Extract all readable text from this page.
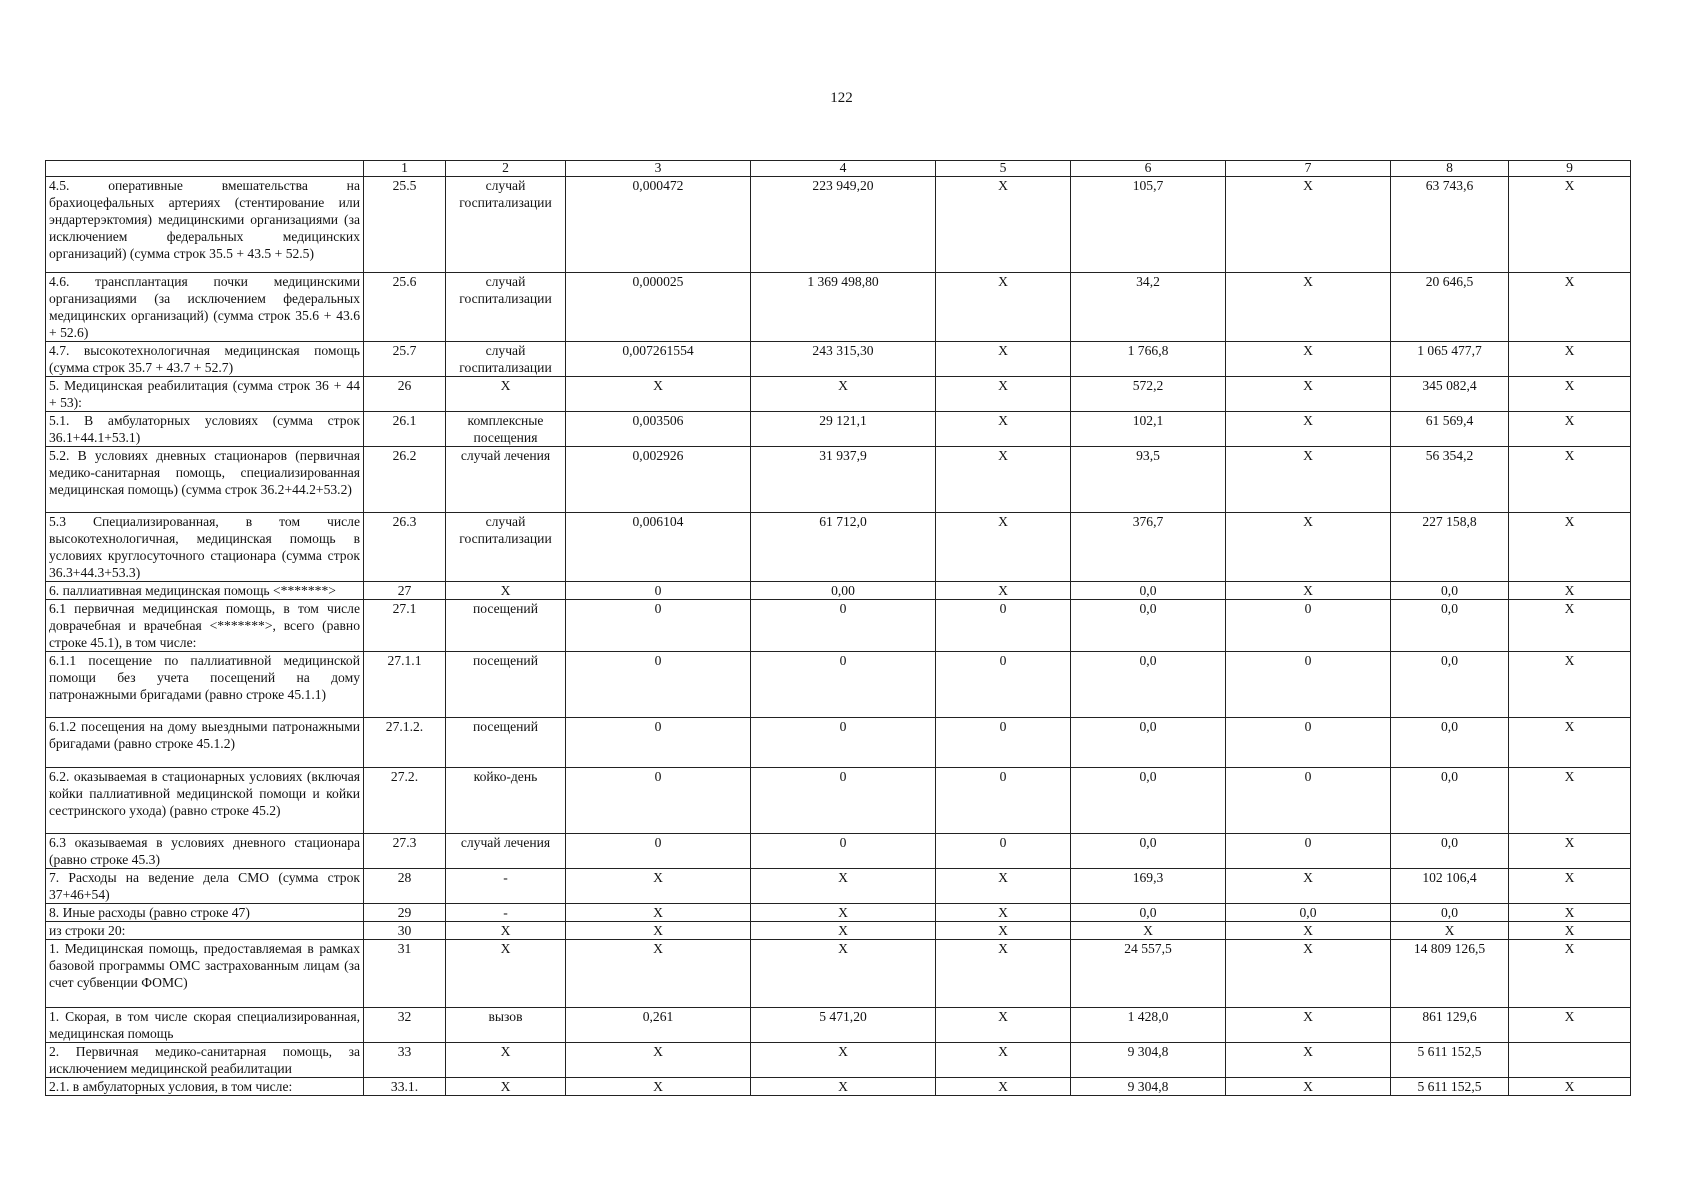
122
	1	2	3	4	5	6	7	8	9
4.5. оперативные вмешательства на брахиоцефальных артериях (стентирование или эндартерэктомия) медицинскими организациями (за исключением федеральных медицинских организаций) (сумма строк 35.5 + 43.5 + 52.5)	25.5	случай госпитализации	0,000472	223 949,20	Х	105,7	Х	63 743,6	Х
4.6. трансплантация почки медицинскими организациями (за исключением федеральных медицинских организаций) (сумма строк 35.6 + 43.6 + 52.6)	25.6	случай госпитализации	0,000025	1 369 498,80	Х	34,2	Х	20 646,5	Х
4.7. высокотехнологичная медицинская помощь (сумма строк 35.7 + 43.7 + 52.7)	25.7	случай госпитализации	0,007261554	243 315,30	Х	1 766,8	Х	1 065 477,7	Х
5. Медицинская реабилитация (сумма строк 36 + 44 + 53):	26	Х	Х	Х	Х	572,2	Х	345 082,4	Х
5.1. В амбулаторных условиях (сумма строк 36.1+44.1+53.1)	26.1	комплексные посещения	0,003506	29 121,1	Х	102,1	Х	61 569,4	Х
5.2. В условиях дневных стационаров (первичная медико-санитарная помощь, специализированная медицинская помощь) (сумма строк 36.2+44.2+53.2)	26.2	случай лечения	0,002926	31 937,9	Х	93,5	Х	56 354,2	Х
5.3 Специализированная, в том числе высокотехнологичная, медицинская помощь в условиях круглосуточного стационара (сумма строк 36.3+44.3+53.3)	26.3	случай госпитализации	0,006104	61 712,0	Х	376,7	Х	227 158,8	Х
6. паллиативная медицинская помощь <*******>	27	Х	0	0,00	Х	0,0	Х	0,0	Х
6.1 первичная медицинская помощь, в том числе доврачебная и врачебная <*******>, всего (равно строке 45.1), в том числе:	27.1	посещений	0	0	0	0,0	0	0,0	Х
6.1.1 посещение по паллиативной медицинской помощи без учета посещений на дому патронажными бригадами (равно строке 45.1.1)	27.1.1	посещений	0	0	0	0,0	0	0,0	Х
6.1.2 посещения на дому выездными патронажными бригадами (равно строке 45.1.2)	27.1.2.	посещений	0	0	0	0,0	0	0,0	Х
6.2. оказываемая в стационарных условиях (включая койки паллиативной медицинской помощи и койки сестринского ухода) (равно строке 45.2)	27.2.	койко-день	0	0	0	0,0	0	0,0	Х
6.3 оказываемая в условиях дневного стационара (равно строке 45.3)	27.3	случай лечения	0	0	0	0,0	0	0,0	Х
7. Расходы на ведение дела СМО (сумма строк 37+46+54)	28	-	Х	Х	Х	169,3	Х	102 106,4	Х
8. Иные расходы (равно строке 47)	29	-	Х	Х	Х	0,0	0,0	0,0	Х
из строки 20:	30	Х	Х	Х	Х	Х	Х	Х	Х
1. Медицинская помощь, предоставляемая в рамках базовой программы ОМС застрахованным лицам (за счет субвенции ФОМС)	31	Х	Х	Х	Х	24 557,5	Х	14 809 126,5	Х
1. Скорая, в том числе скорая специализированная, медицинская помощь	32	вызов	0,261	5 471,20	Х	1 428,0	Х	861 129,6	Х
2. Первичная медико-санитарная помощь, за исключением медицинской реабилитации	33	Х	Х	Х	Х	9 304,8	Х	5 611 152,5	
2.1. в амбулаторных условия, в том числе:	33.1.	Х	Х	Х	Х	9 304,8	Х	5 611 152,5	Х
